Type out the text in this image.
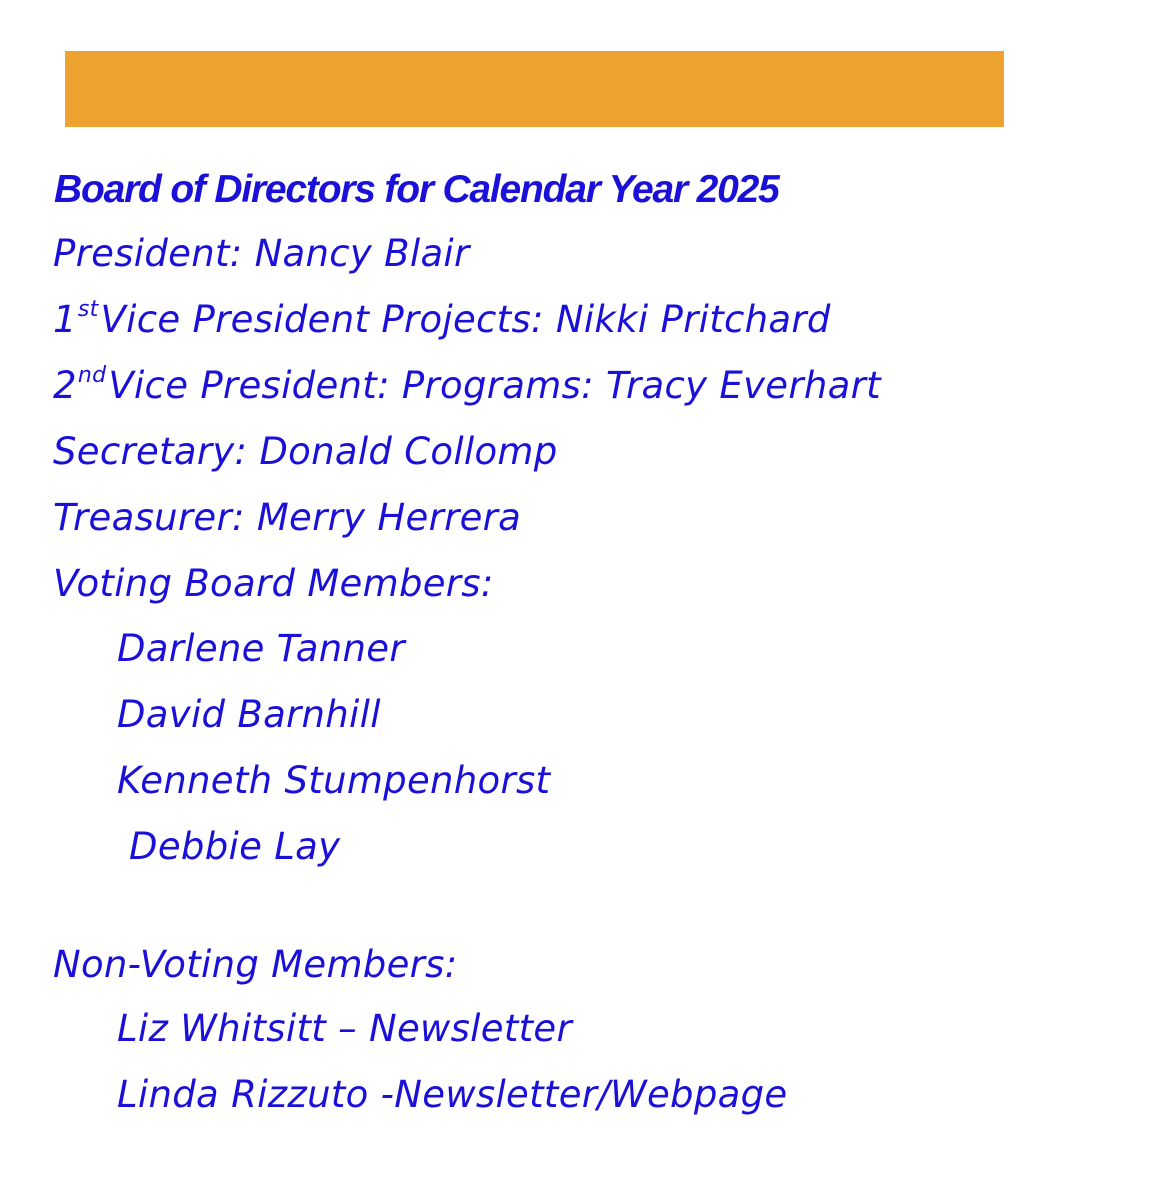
Board of Directors for Calendar Year 2025
President: Nancy Blair
1stVice President Projects: Nikki Pritchard
2ndVice President: Programs: Tracy Everhart
Secretary: Donald Collomp
Treasurer: Merry Herrera
Voting Board Members:
Darlene Tanner
David Barnhill
Kenneth Stumpenhorst
Debbie Lay
Non-Voting Members:
Liz Whitsitt – Newsletter
Linda Rizzuto -Newsletter/Webpage
